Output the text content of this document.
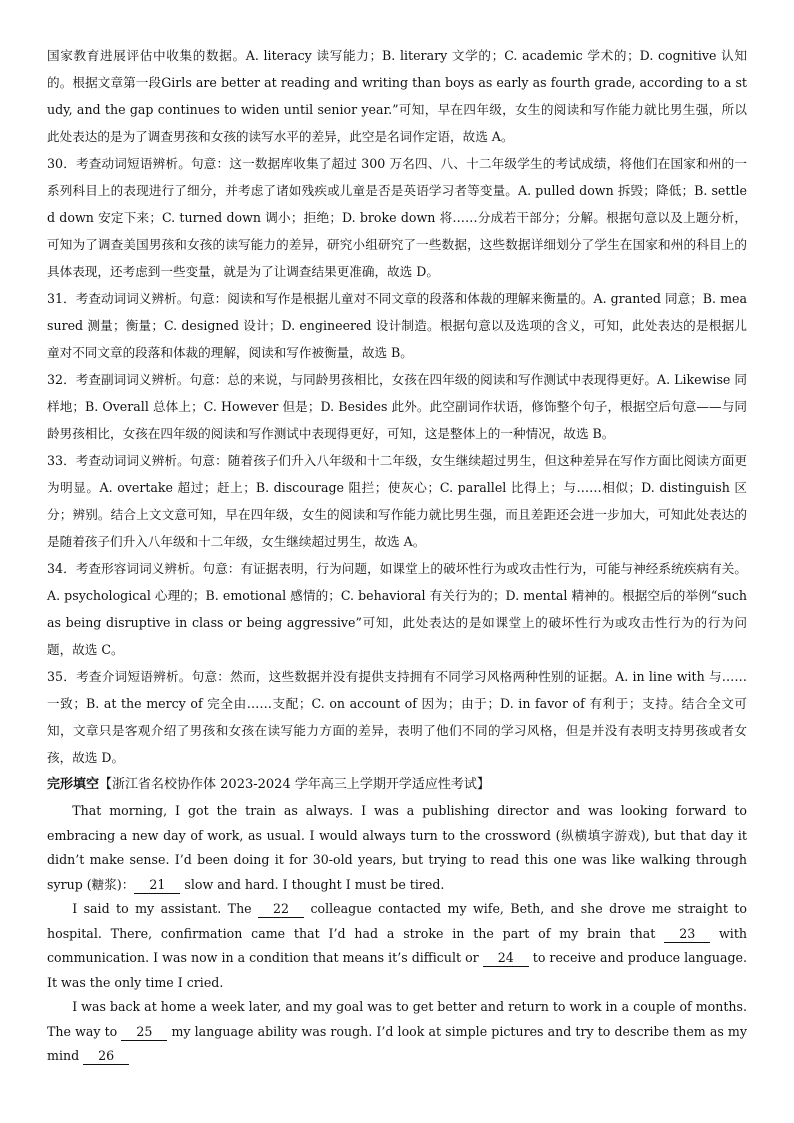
国家教育进展评估中收集的数据。A. literacy 读写能力；B. literary 文学的；C. academic 学术的；D. cognitive 认知的。根据文章第一段Girls are better at reading and writing than boys as early as fourth grade, according to a study, and the gap continues to widen until senior year.”可知，早在四年级，女生的阅读和写作能力就比男生强，所以此处表达的是为了调查男孩和女孩的读写水平的差异，此空是名词作定语，故选 A。

30．考查动词短语辨析。句意：这一数据库收集了超过 300 万名四、八、十二年级学生的考试成绩，将他们在国家和州的一系列科目上的表现进行了细分，并考虑了诸如残疾或儿童是否是英语学习者等变量。A. pulled down 拆毁；降低；B. settled down 安定下来；C. turned down 调小；拒绝；D. broke down 将……分成若干部分；分解。根据句意以及上题分析，可知为了调查美国男孩和女孩的读写能力的差异，研究小组研究了一些数据，这些数据详细划分了学生在国家和州的科目上的具体表现，还考虑到一些变量，就是为了让调查结果更准确，故选 D。

31．考查动词词义辨析。句意：阅读和写作是根据儿童对不同文章的段落和体裁的理解来衡量的。A. granted 同意；B. measured 测量；衡量；C. designed 设计；D. engineered 设计制造。根据句意以及选项的含义，可知，此处表达的是根据儿童对不同文章的段落和体裁的理解，阅读和写作被衡量，故选 B。

32．考查副词词义辨析。句意：总的来说，与同龄男孩相比，女孩在四年级的阅读和写作测试中表现得更好。A. Likewise 同样地；B. Overall 总体上；C. However 但是；D. Besides 此外。此空副词作状语，修饰整个句子，根据空后句意——与同龄男孩相比，女孩在四年级的阅读和写作测试中表现得更好，可知，这是整体上的一种情况，故选 B。

33．考查动词词义辨析。句意：随着孩子们升入八年级和十二年级，女生继续超过男生，但这种差异在写作方面比阅读方面更为明显。A. overtake 超过；赶上；B. discourage 阻拦；使灰心；C. parallel 比得上；与……相似；D. distinguish 区分；辨别。结合上文文意可知，早在四年级，女生的阅读和写作能力就比男生强，而且差距还会进一步加大，可知此处表达的是随着孩子们升入八年级和十二年级，女生继续超过男生，故选 A。

34．考查形容词词义辨析。句意：有证据表明，行为问题，如课堂上的破坏性行为或攻击性行为，可能与神经系统疾病有关。A. psychological 心理的；B. emotional 感情的；C. behavioral 有关行为的；D. mental 精神的。根据空后的举例“such as being disruptive in class or being aggressive”可知，此处表达的是如课堂上的破坏性行为或攻击性行为的行为问题，故选 C。

35．考查介词短语辨析。句意：然而，这些数据并没有提供支持拥有不同学习风格两种性别的证据。A. in line with 与……一致；B. at the mercy of 完全由……支配；C. on account of 因为；由于；D. in favor of 有利于；支持。结合全文可知，文章只是客观介绍了男孩和女孩在读写能力方面的差异，表明了他们不同的学习风格，但是并没有表明支持男孩或者女孩，故选 D。

完形填空【浙江省名校协作体 2023-2024 学年高三上学期开学适应性考试】

That morning, I got the train as always. I was a publishing director and was looking forward to embracing a new day of work, as usual. I would always turn to the crossword (纵横填字游戏), but that day it didn’t make sense. I’d been doing it for 30-old years, but trying to read this one was like walking through syrup (糖浆)： 21 slow and hard. I thought I must be tired.

I said to my assistant. The 22 colleague contacted my wife, Beth, and she drove me straight to hospital. There, confirmation came that I’d had a stroke in the part of my brain that 23 with communication. I was now in a condition that means it’s difficult or 24 to receive and produce language. It was the only time I cried.

I was back at home a week later, and my goal was to get better and return to work in a couple of months. The way to 25 my language ability was rough. I’d look at simple pictures and try to describe them as my mind 26
